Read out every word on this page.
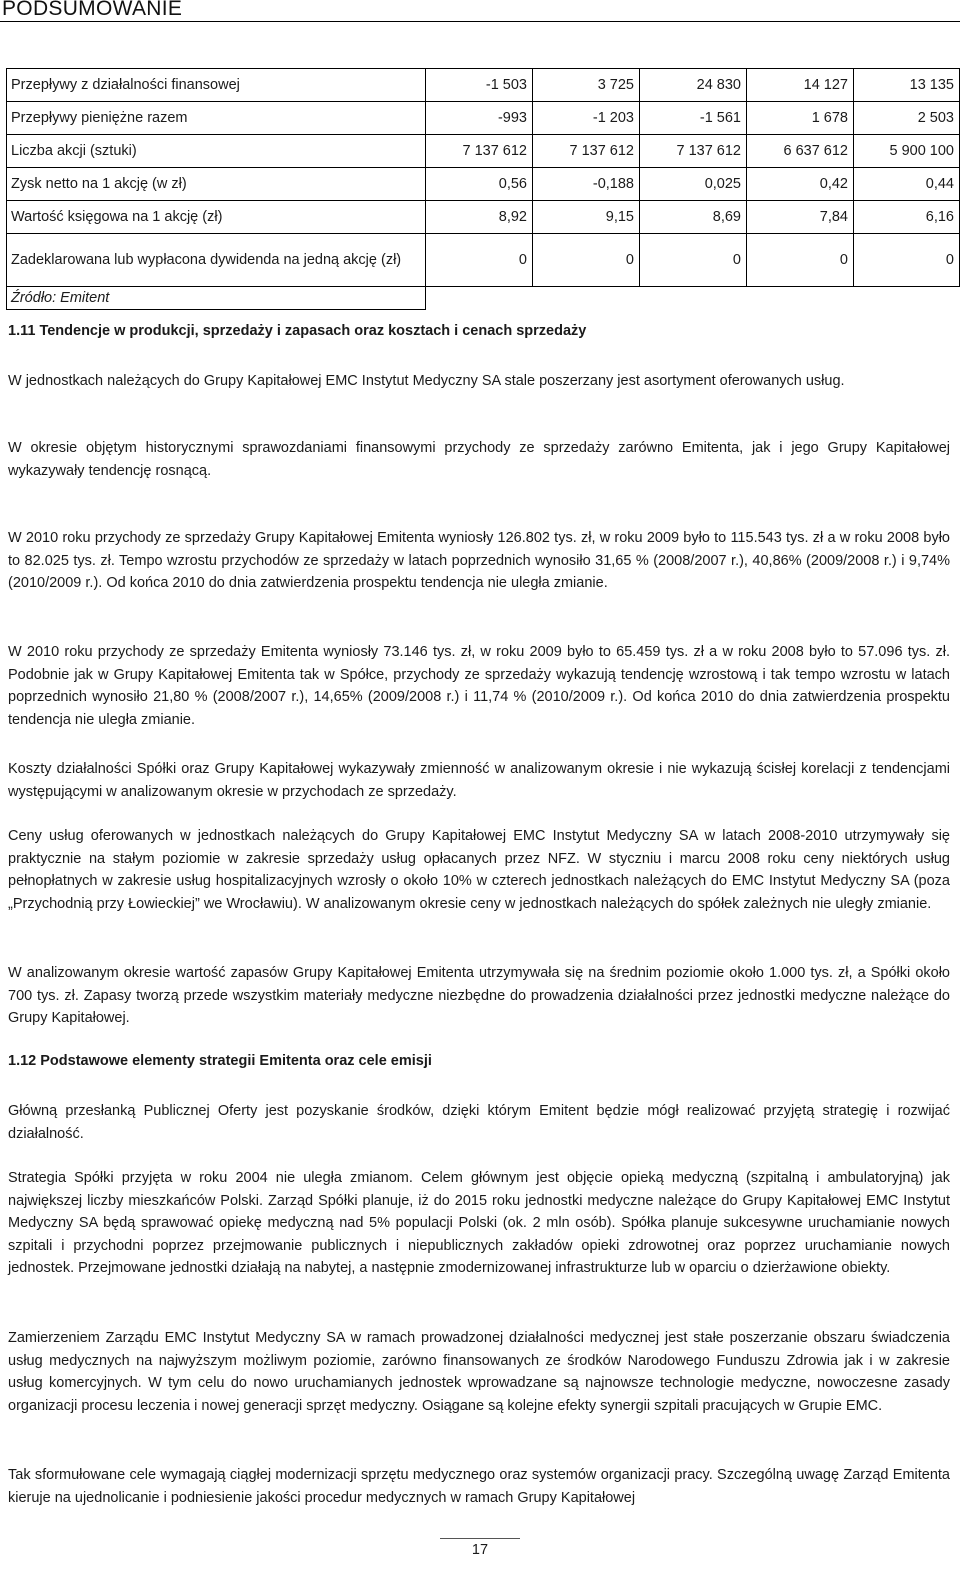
PODSUMOWANIE
Przepływy z działalności finansowej	-1 503	3 725	24 830	14 127	13 135
Przepływy pieniężne razem	-993	-1 203	-1 561	1 678	2 503
Liczba akcji (sztuki)	7 137 612	7 137 612	7 137 612	6 637 612	5 900 100
Zysk netto na 1 akcję (w zł)	0,56	-0,188	0,025	0,42	0,44
Wartość księgowa na 1 akcję (zł)	8,92	9,15	8,69	7,84	6,16
Zadeklarowana lub wypłacona dywidenda na jedną akcję (zł)	0	0	0	0	0
Źródło: Emitent					
1.11 Tendencje w produkcji, sprzedaży i zapasach oraz kosztach i cenach sprzedaży

W jednostkach należących do Grupy Kapitałowej EMC Instytut Medyczny SA stale poszerzany jest asortyment oferowanych usług.

W okresie objętym historycznymi sprawozdaniami finansowymi przychody ze sprzedaży zarówno Emitenta, jak i jego Grupy Kapitałowej wykazywały tendencję rosnącą.

W 2010 roku przychody ze sprzedaży Grupy Kapitałowej Emitenta wyniosły 126.802 tys. zł, w roku 2009 było to 115.543 tys. zł a w roku 2008 było to 82.025 tys. zł. Tempo wzrostu przychodów ze sprzedaży w latach poprzednich wynosiło 31,65 % (2008/2007 r.), 40,86% (2009/2008 r.) i 9,74% (2010/2009 r.). Od końca 2010 do dnia zatwierdzenia prospektu tendencja nie uległa zmianie.

W 2010 roku przychody ze sprzedaży Emitenta wyniosły 73.146 tys. zł, w roku 2009 było to 65.459 tys. zł a w roku 2008 było to 57.096 tys. zł. Podobnie jak w Grupy Kapitałowej Emitenta tak w Spółce, przychody ze sprzedaży wykazują tendencję wzrostową i tak tempo wzrostu w latach poprzednich wynosiło 21,80 % (2008/2007 r.), 14,65% (2009/2008 r.) i 11,74 % (2010/2009 r.). Od końca 2010 do dnia zatwierdzenia prospektu tendencja nie uległa zmianie.

Koszty działalności Spółki oraz Grupy Kapitałowej wykazywały zmienność w analizowanym okresie i nie wykazują ścisłej korelacji z tendencjami występującymi w analizowanym okresie w przychodach ze sprzedaży.

Ceny usług oferowanych w jednostkach należących do Grupy Kapitałowej EMC Instytut Medyczny SA w latach 2008-2010 utrzymywały się praktycznie na stałym poziomie w zakresie sprzedaży usług opłacanych przez NFZ. W styczniu i marcu 2008 roku ceny niektórych usług pełnopłatnych w zakresie usług hospitalizacyjnych wzrosły o około 10% w czterech jednostkach należących do EMC Instytut Medyczny SA (poza „Przychodnią przy Łowieckiej” we Wrocławiu). W analizowanym okresie ceny w jednostkach należących do spółek zależnych nie uległy zmianie.

W analizowanym okresie wartość zapasów Grupy Kapitałowej Emitenta utrzymywała się na średnim poziomie około 1.000 tys. zł, a Spółki około 700 tys. zł. Zapasy tworzą przede wszystkim materiały medyczne niezbędne do prowadzenia działalności przez jednostki medyczne należące do Grupy Kapitałowej.

1.12 Podstawowe elementy strategii Emitenta oraz cele emisji

Główną przesłanką Publicznej Oferty jest pozyskanie środków, dzięki którym Emitent będzie mógł realizować przyjętą strategię i rozwijać działalność.

Strategia Spółki przyjęta w roku 2004 nie uległa zmianom. Celem głównym jest objęcie opieką medyczną (szpitalną i ambulatoryjną) jak największej liczby mieszkańców Polski. Zarząd Spółki planuje, iż do 2015 roku jednostki medyczne należące do Grupy Kapitałowej EMC Instytut Medyczny SA będą sprawować opiekę medyczną nad 5% populacji Polski (ok. 2 mln osób). Spółka planuje sukcesywne uruchamianie nowych szpitali i przychodni poprzez przejmowanie publicznych i niepublicznych zakładów opieki zdrowotnej oraz poprzez uruchamianie nowych jednostek. Przejmowane jednostki działają na nabytej, a następnie zmodernizowanej infrastrukturze lub w oparciu o dzierżawione obiekty.

Zamierzeniem Zarządu EMC Instytut Medyczny SA w ramach prowadzonej działalności medycznej jest stałe poszerzanie obszaru świadczenia usług medycznych na najwyższym możliwym poziomie, zarówno finansowanych ze środków Narodowego Funduszu Zdrowia jak i w zakresie usług komercyjnych. W tym celu do nowo uruchamianych jednostek wprowadzane są najnowsze technologie medyczne, nowoczesne zasady organizacji procesu leczenia i nowej generacji sprzęt medyczny. Osiągane są kolejne efekty synergii szpitali pracujących w Grupie EMC.

Tak sformułowane cele wymagają ciągłej modernizacji sprzętu medycznego oraz systemów organizacji pracy. Szczególną uwagę Zarząd Emitenta kieruje na ujednolicanie i podniesienie jakości procedur medycznych w ramach Grupy Kapitałowej

17
